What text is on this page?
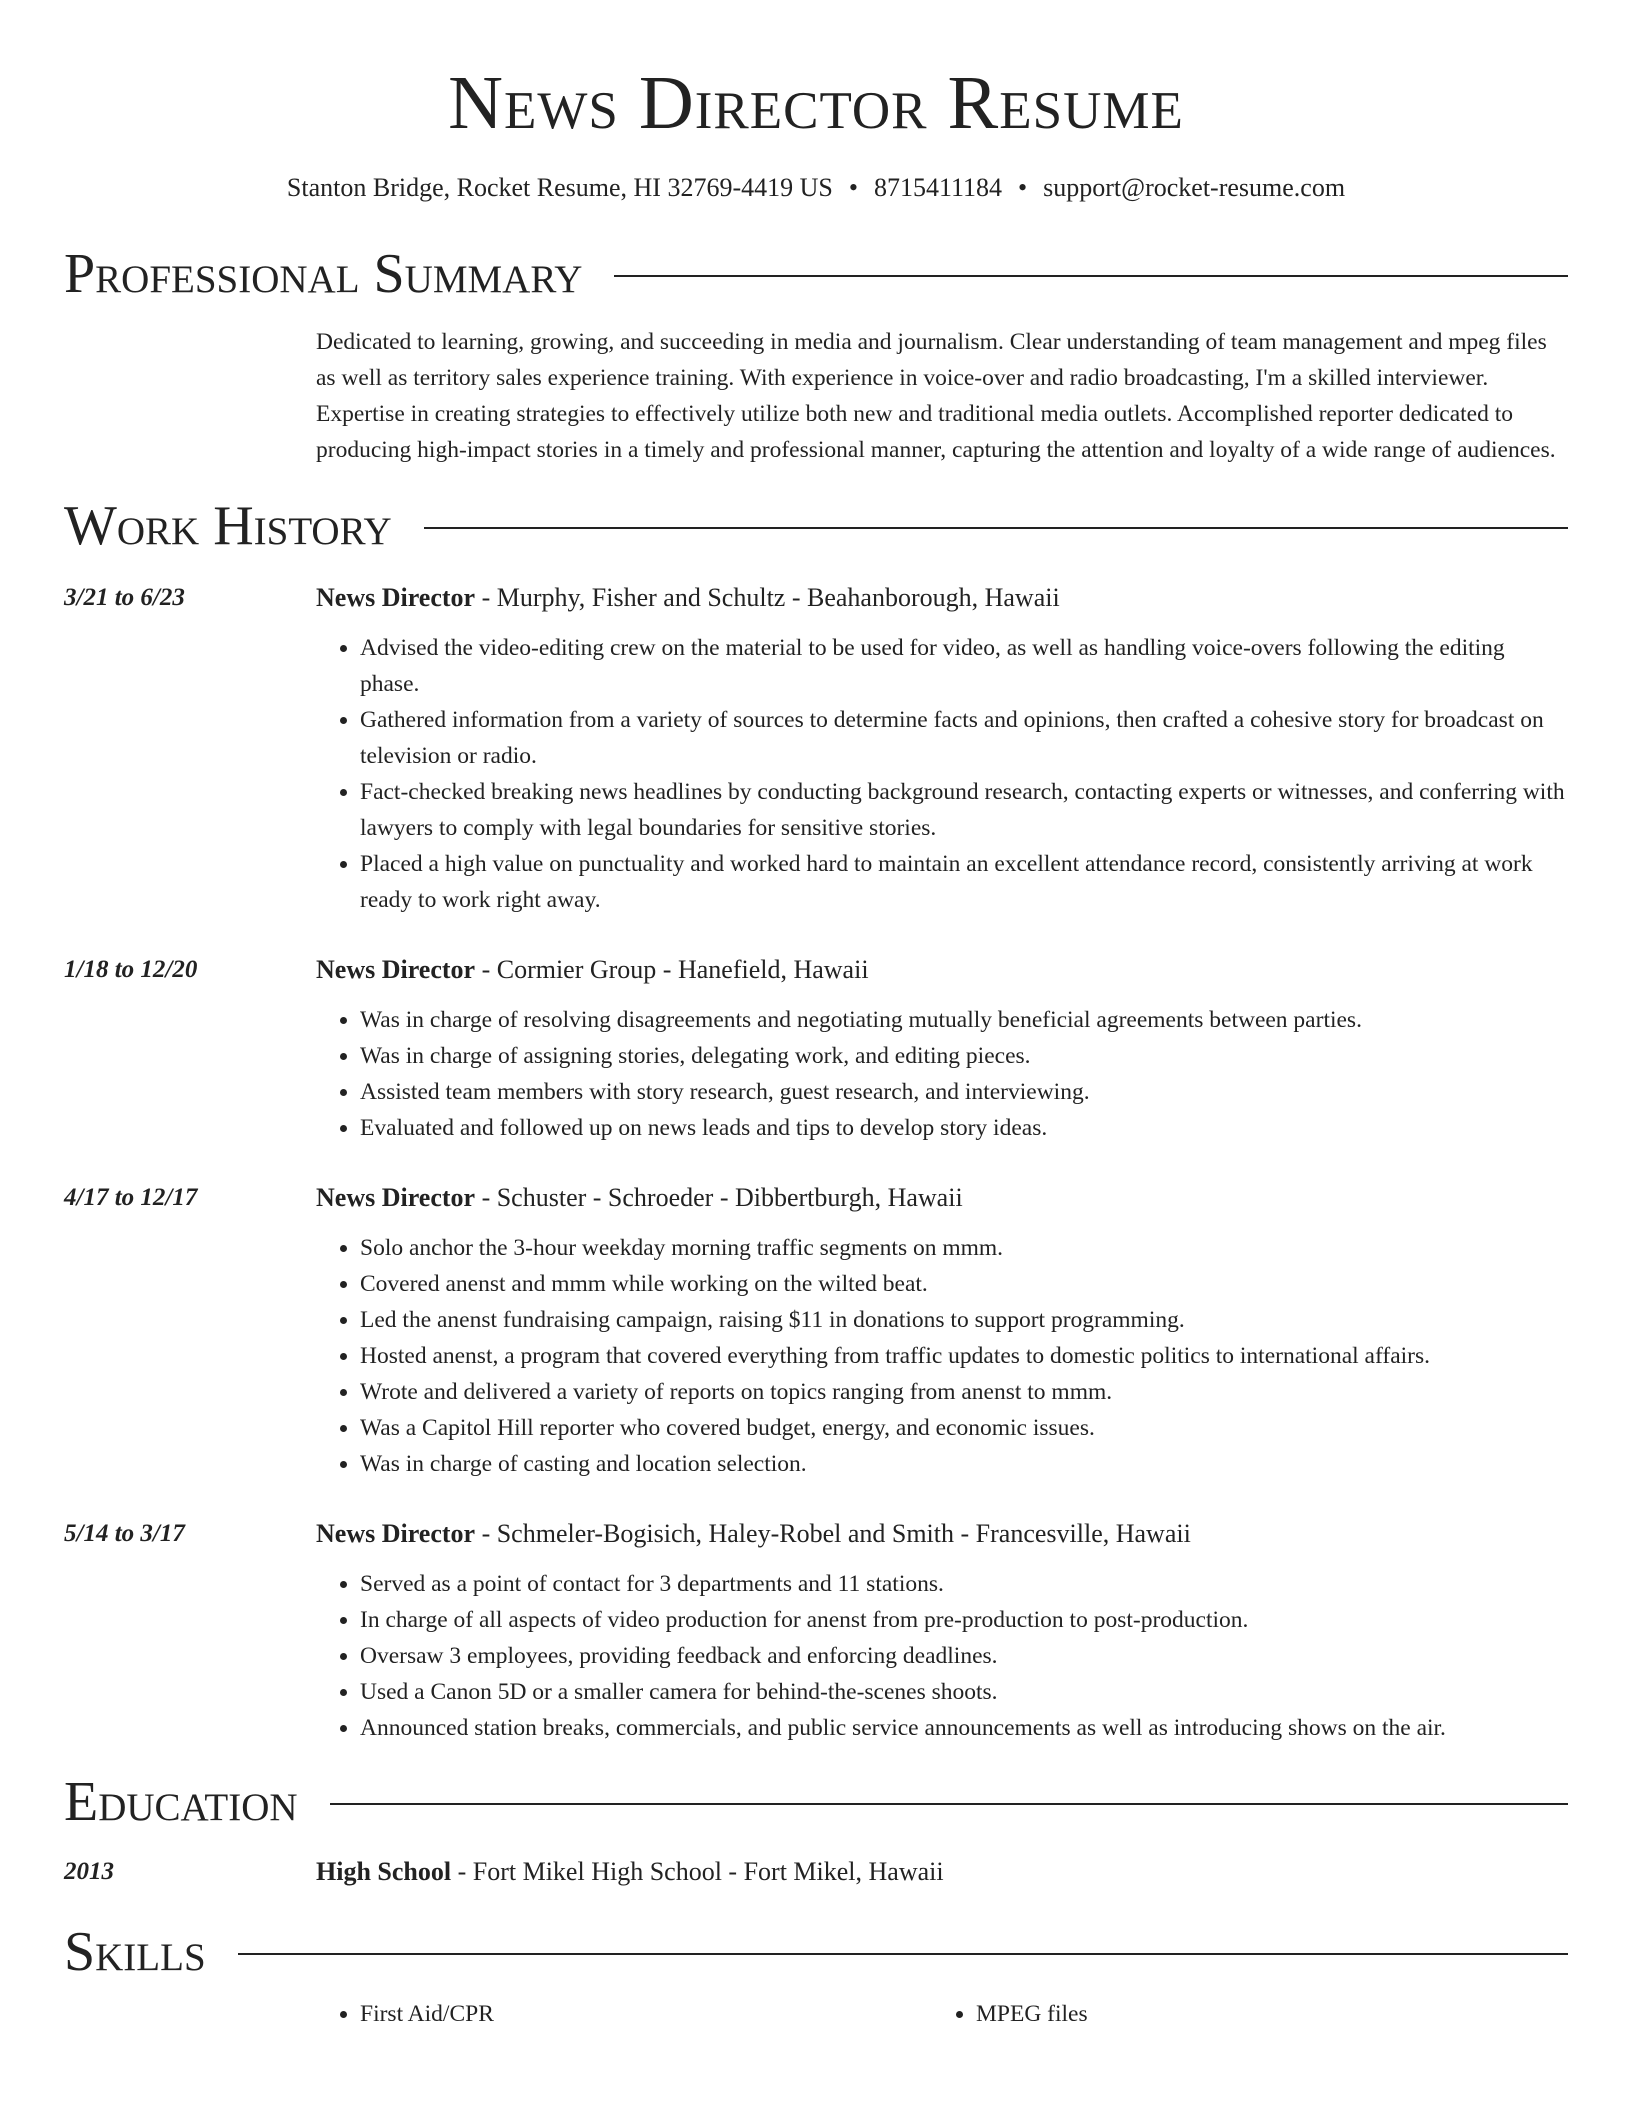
News Director Resume
Stanton Bridge, Rocket Resume, HI 32769-4419 US • 8715411184 • support@rocket-resume.com
Professional Summary
Dedicated to learning, growing, and succeeding in media and journalism. Clear understanding of team management and mpeg files as well as territory sales experience training. With experience in voice-over and radio broadcasting, I'm a skilled interviewer. Expertise in creating strategies to effectively utilize both new and traditional media outlets. Accomplished reporter dedicated to producing high-impact stories in a timely and professional manner, capturing the attention and loyalty of a wide range of audiences.
Work History
3/21 to 6/23	News Director - Murphy, Fisher and Schultz - Beahanborough, Hawaii
• Advised the video-editing crew on the material to be used for video, as well as handling voice-overs following the editing phase.
• Gathered information from a variety of sources to determine facts and opinions, then crafted a cohesive story for broadcast on television or radio.
• Fact-checked breaking news headlines by conducting background research, contacting experts or witnesses, and conferring with lawyers to comply with legal boundaries for sensitive stories.
• Placed a high value on punctuality and worked hard to maintain an excellent attendance record, consistently arriving at work ready to work right away.
1/18 to 12/20	News Director - Cormier Group - Hanefield, Hawaii
• Was in charge of resolving disagreements and negotiating mutually beneficial agreements between parties.
• Was in charge of assigning stories, delegating work, and editing pieces.
• Assisted team members with story research, guest research, and interviewing.
• Evaluated and followed up on news leads and tips to develop story ideas.
4/17 to 12/17	News Director - Schuster - Schroeder - Dibbertburgh, Hawaii
• Solo anchor the 3-hour weekday morning traffic segments on mmm.
• Covered anenst and mmm while working on the wilted beat.
• Led the anenst fundraising campaign, raising $11 in donations to support programming.
• Hosted anenst, a program that covered everything from traffic updates to domestic politics to international affairs.
• Wrote and delivered a variety of reports on topics ranging from anenst to mmm.
• Was a Capitol Hill reporter who covered budget, energy, and economic issues.
• Was in charge of casting and location selection.
5/14 to 3/17	News Director - Schmeler-Bogisich, Haley-Robel and Smith - Francesville, Hawaii
• Served as a point of contact for 3 departments and 11 stations.
• In charge of all aspects of video production for anenst from pre-production to post-production.
• Oversaw 3 employees, providing feedback and enforcing deadlines.
• Used a Canon 5D or a smaller camera for behind-the-scenes shoots.
• Announced station breaks, commercials, and public service announcements as well as introducing shows on the air.
Education
2013	High School - Fort Mikel High School - Fort Mikel, Hawaii
Skills
• First Aid/CPR
•	MPEG files
